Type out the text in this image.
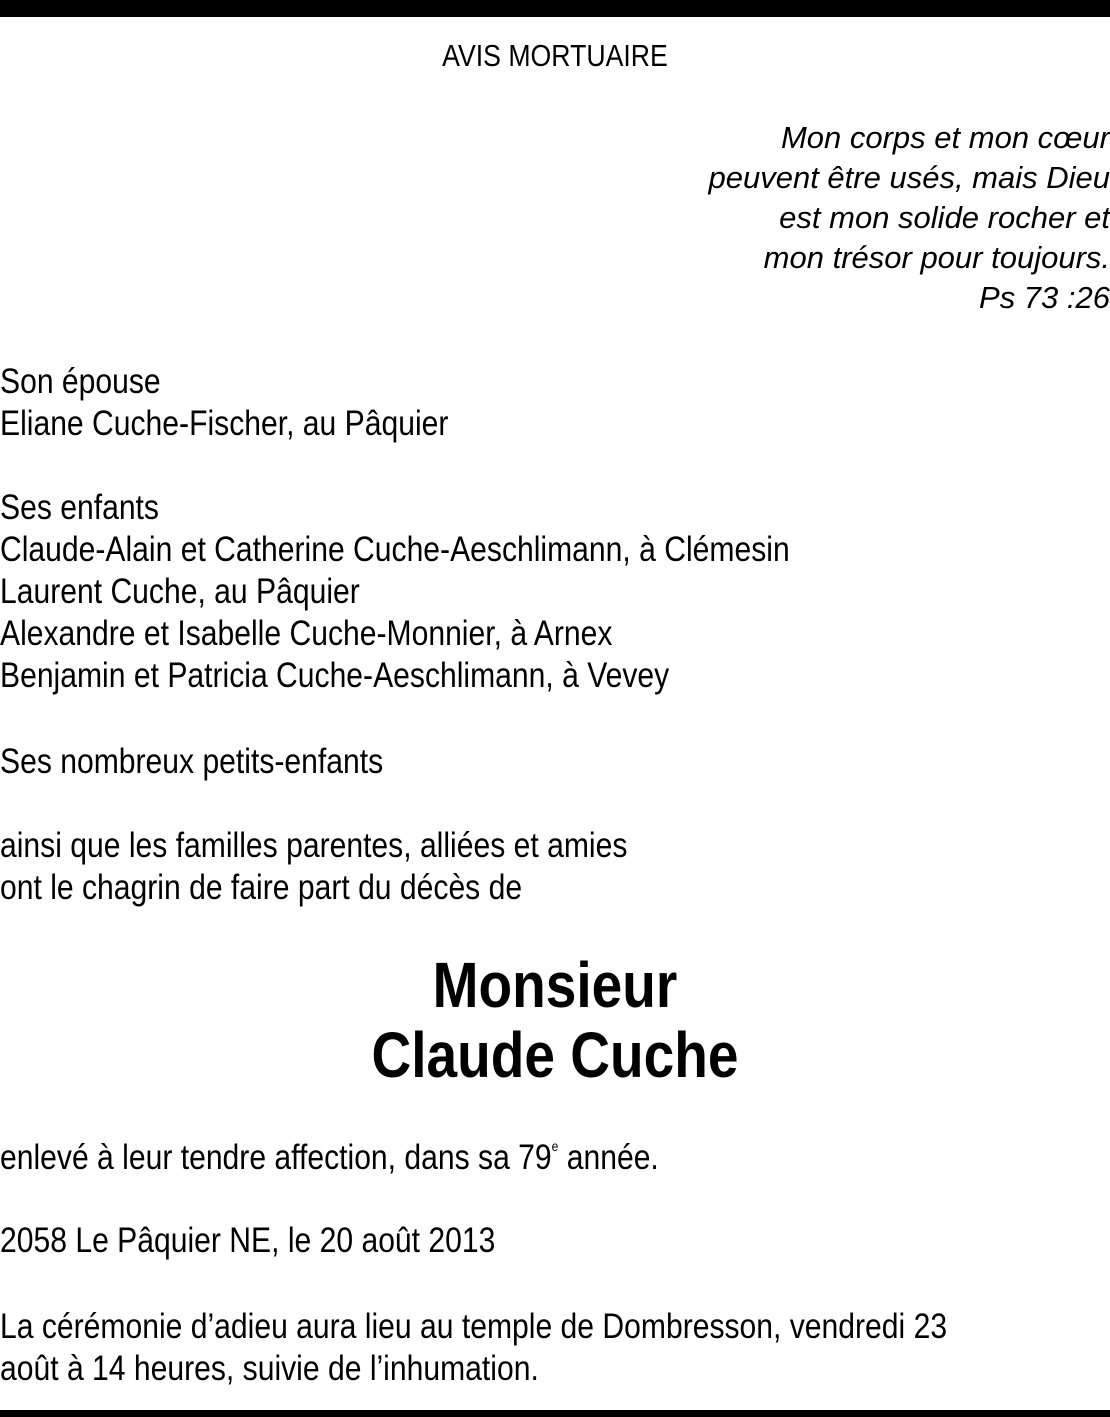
AVIS MORTUAIRE
Mon corps et mon cœur
peuvent être usés, mais Dieu
est mon solide rocher et
mon trésor pour toujours.
Ps 73 :26
Son épouse
Eliane Cuche-Fischer, au Pâquier
Ses enfants
Claude-Alain et Catherine Cuche-Aeschlimann, à Clémesin
Laurent Cuche, au Pâquier
Alexandre et Isabelle Cuche-Monnier, à Arnex
Benjamin et Patricia Cuche-Aeschlimann, à Vevey
Ses nombreux petits-enfants
ainsi que les familles parentes, alliées et amies
ont le chagrin de faire part du décès de
Monsieur
Claude Cuche
enlevé à leur tendre affection, dans sa 79e année.
2058 Le Pâquier NE, le 20 août 2013
La cérémonie d’adieu aura lieu au temple de Dombresson, vendredi 23
août à 14 heures, suivie de l’inhumation.
